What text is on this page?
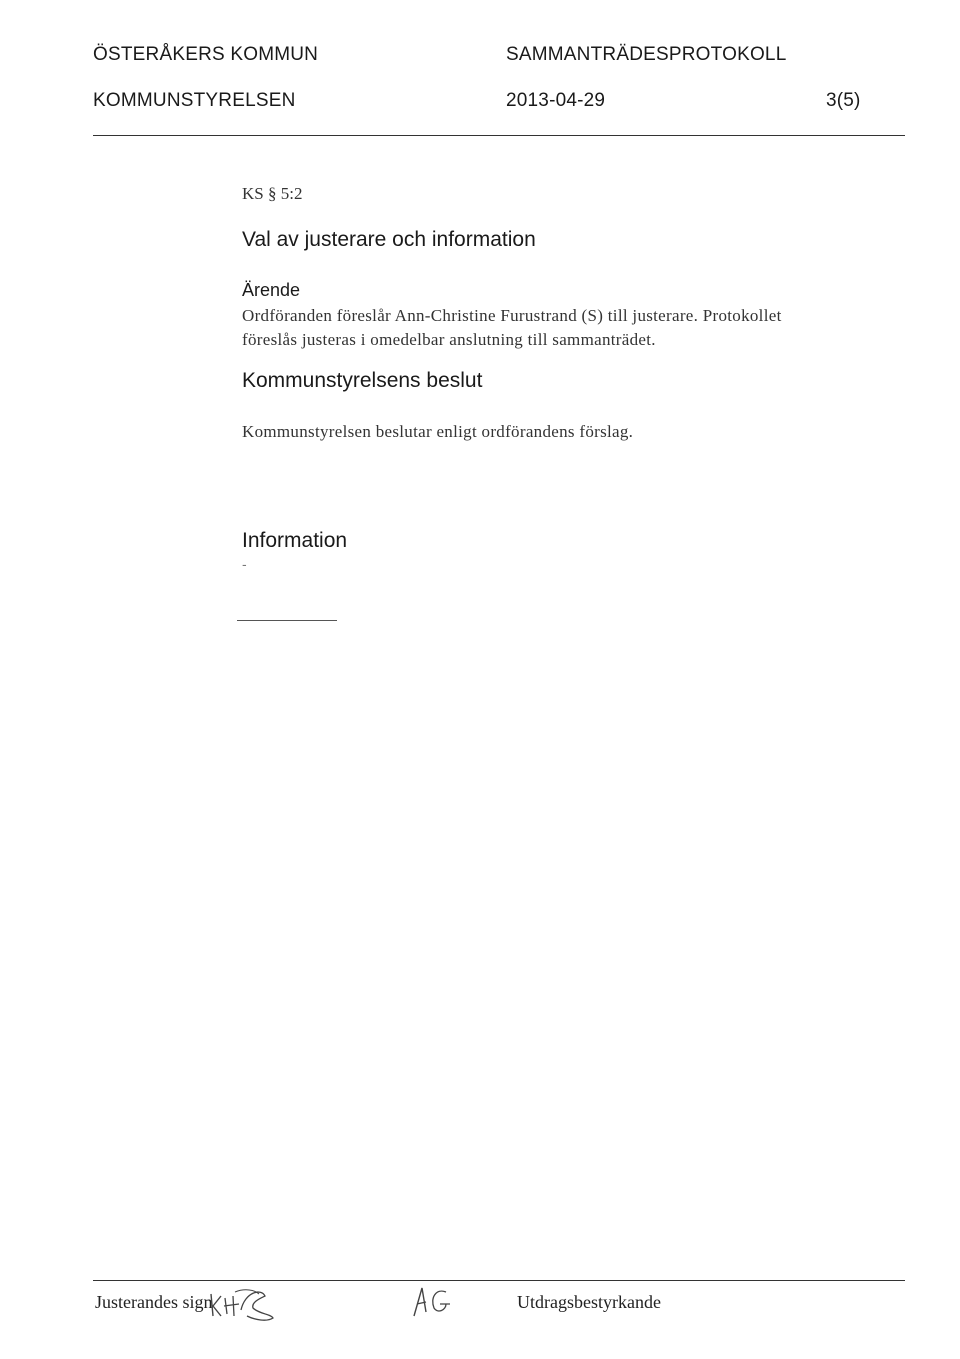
ÖSTERÅKERS KOMMUN	SAMMANTRÄDESPROTOKOLL
KOMMUNSTYRELSEN	2013-04-29	3(5)
KS § 5:2
Val av justerare och information
Ärende
Ordföranden föreslår Ann-Christine Furustrand (S) till justerare. Protokollet
föreslås justeras i omedelbar anslutning till sammanträdet.
Kommunstyrelsens beslut
Kommunstyrelsen beslutar enligt ordförandens förslag.
Information
-
Justerandes sign	Utdragsbestyrkande
